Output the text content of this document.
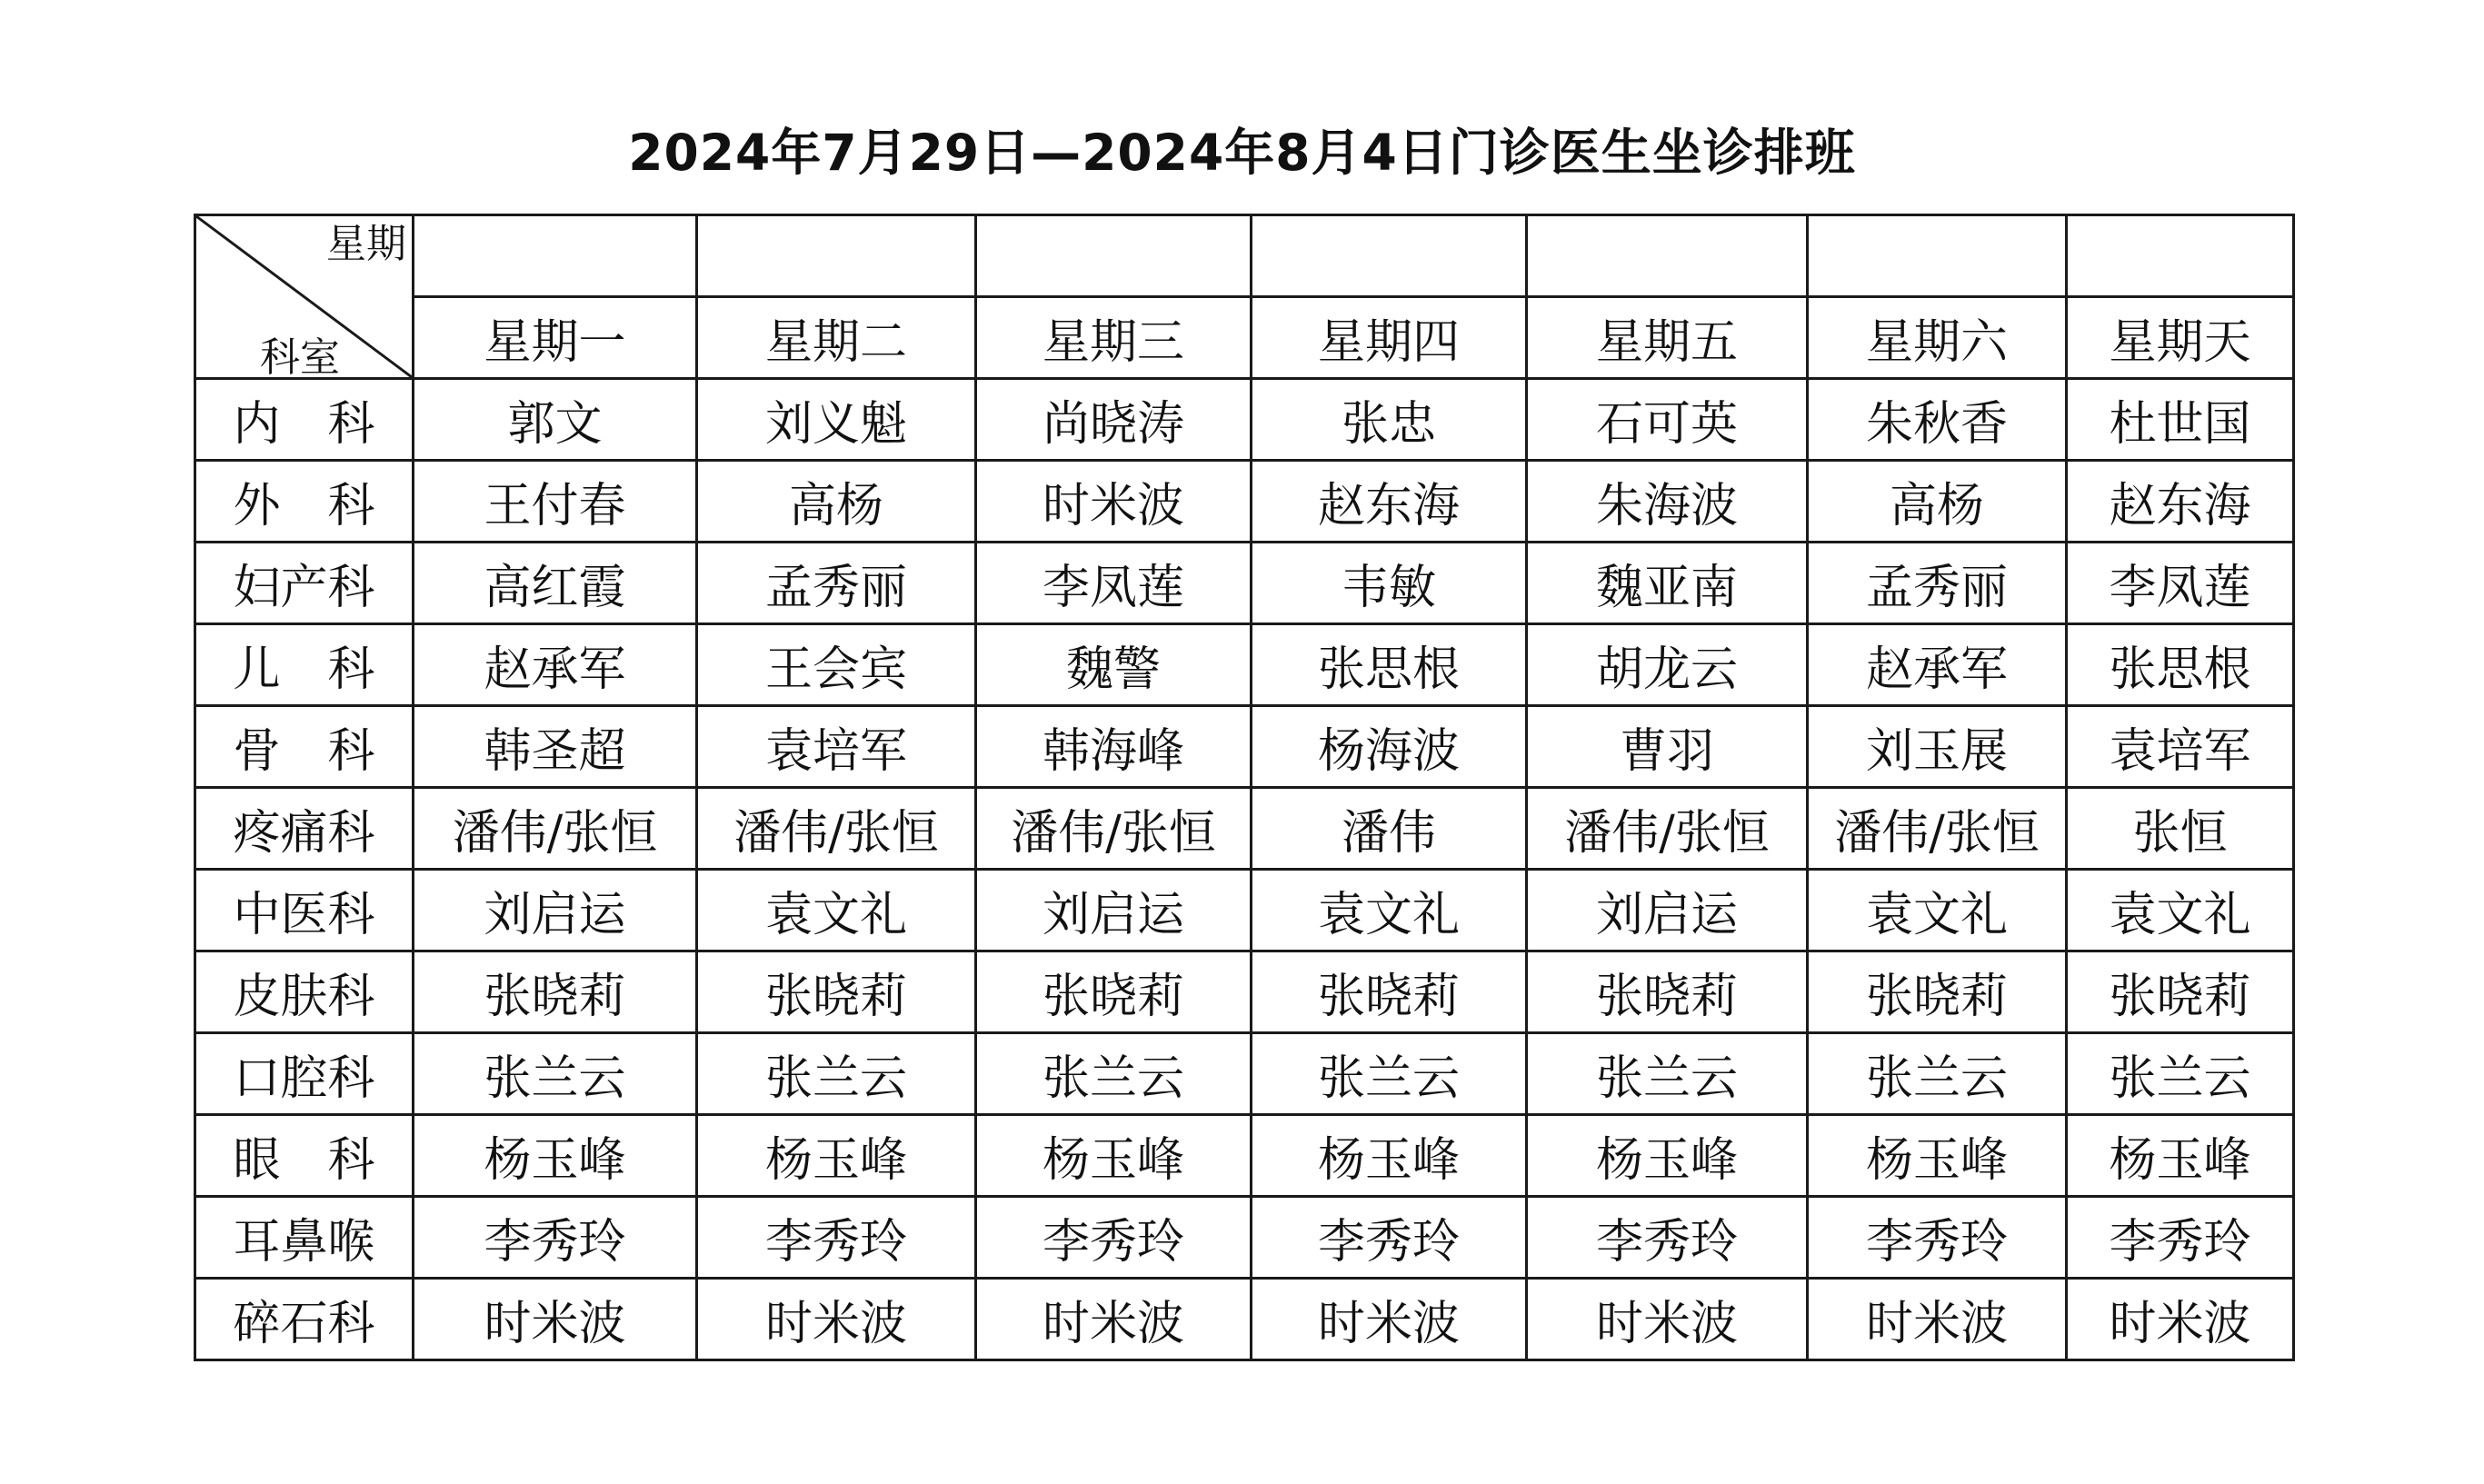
2024年7月29日—2024年8月4日门诊医生坐诊排班
星期
科室							

	星期一	星期二	星期三	星期四	星期五	星期六	星期天
内　科	郭文	刘义魁	尚晓涛	张忠	石可英	朱秋香	杜世国
外　科	王付春	高杨	时米波	赵东海	朱海波	高杨	赵东海
妇产科	高红霞	孟秀丽	李凤莲	韦敏	魏亚南	孟秀丽	李凤莲
儿　科	赵承军	王会宾	魏警	张思根	胡龙云	赵承军	张思根
骨　科	韩圣超	袁培军	韩海峰	杨海波	曹羽	刘玉展	袁培军
疼痛科	潘伟/张恒	潘伟/张恒	潘伟/张恒	潘伟	潘伟/张恒	潘伟/张恒	张恒
中医科	刘启运	袁文礼	刘启运	袁文礼	刘启运	袁文礼	袁文礼
皮肤科	张晓莉	张晓莉	张晓莉	张晓莉	张晓莉	张晓莉	张晓莉
口腔科	张兰云	张兰云	张兰云	张兰云	张兰云	张兰云	张兰云
眼　科	杨玉峰	杨玉峰	杨玉峰	杨玉峰	杨玉峰	杨玉峰	杨玉峰
耳鼻喉	李秀玲	李秀玲	李秀玲	李秀玲	李秀玲	李秀玲	李秀玲
碎石科	时米波	时米波	时米波	时米波	时米波	时米波	时米波
